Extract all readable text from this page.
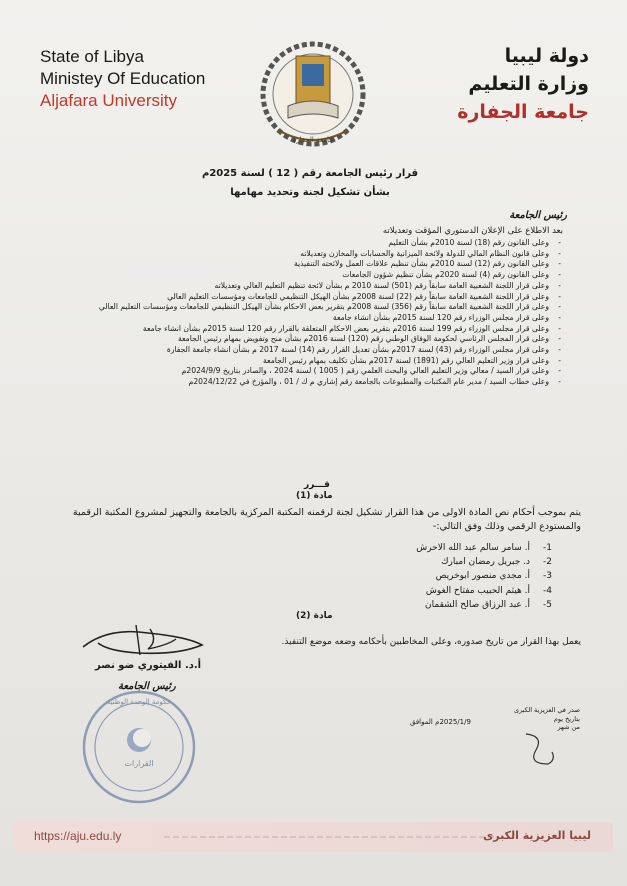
State of Libya
Ministey Of Education
Aljafara University
جامعة الجفارة
دولة ليبيا
وزارة التعليم
جامعة الجفارة
قرار رئيس الجامعة رقم ( 12 ) لسنة 2025م
بشأن تشكيل لجنة وتحديد مهامها
رئيس الجامعة
بعد الاطلاع على الإعلان الدستوري المؤقت وتعديلاته
- وعلى القانون رقم (18) لسنة 2010م بشأن التعليم
- وعلى قانون النظام المالي للدولة ولائحة الميزانية والحسابات والمخازن وتعديلاته
- وعلى القانون رقم (12) لسنة 2010م بشأن تنظيم علاقات العمل ولائحته التنفيذية
- وعلى القانون رقم (4) لسنة 2020م بشأن تنظيم شؤون الجامعات
- وعلى قرار اللجنة الشعبية العامة سابقاً رقم (501) لسنة 2010 م بشأن لائحة تنظيم التعليم العالي وتعديلاته
- وعلى قرار اللجنة الشعبية العامة سابقاً رقم (22) لسنة 2008م بشأن الهيكل التنظيمي للجامعات ومؤسسات التعليم العالي
- وعلى قرار اللجنة الشعبية العامة سابقاً رقم (356) لسنة 2008م بتقرير بعض الاحكام بشأن الهيكل التنظيمي للجامعات ومؤسسات التعليم العالي
- وعلى قرار مجلس الوزراء رقم 120 لسنة 2015م بشأن انشاء جامعة
- وعلى قرار مجلس الوزراء رقم 199 لسنة 2016م بتقرير بعض الاحكام المتعلقة بالقرار رقم 120 لسنة 2015م بشأن انشاء جامعة
- وعلى قرار المجلس الرئاسي لحكومة الوفاق الوطني رقم (120) لسنة 2016م بشأن منح وتفويض بمهام رئيس الجامعة
- وعلى قرار مجلس الوزراء رقم (43) لسنة 2017م بشأن تعديل القرار رقم (14) لسنة 2017 م بشأن انشاء جامعة الجفارة
- وعلى قرار وزير التعليم العالي رقم (1891) لسنة 2017م بشأن تكليف بمهام رئيس الجامعة
- وعلى قرار السيد / معالي وزير التعليم العالي والبحث العلمي رقم ( 1005 ) لسنة 2024 ، والصادر بتاريخ 2024/9/9م
- وعلى خطاب السيد / مدير عام المكتبات والمطبوعات بالجامعة رقم إشاري م ك / 01 ، والمؤرخ في 2024/12/22م
قـــرر
مادة (1)
يتم بموجب أحكام نص المادة الاولى من هذا القرار تشكيل لجنة لرقمنه المكتبة المركزية بالجامعة والتجهيز لمشروع المكتبة الرقمية والمستودع الرقمي وذلك وفق التالي:-
1-أ. سامر سالم عبد الله الاحرش
2-د. جبريل رمضان امبارك
3-أ. مجدي منصور ابوخريص
4-أ. هيثم الحبيب مفتاح الغوش
5-أ. عبد الرزاق صالح الشقمان
مادة (2)
يعمل بهذا القرار من تاريخ صدوره، وعلى المخاطبين بأحكامه وضعه موضع التنفيذ.
أ.د. الفيتوري ضو نصر
رئيس الجامعة
القرارات
حكومة الوحدة الوطنية
صدر في العزيزية الكبرى
بتاريخ يوم
من شهر
2025/1/9م الموافق
https://aju.edu.ly	ليبيا العزيزية الكبرى
